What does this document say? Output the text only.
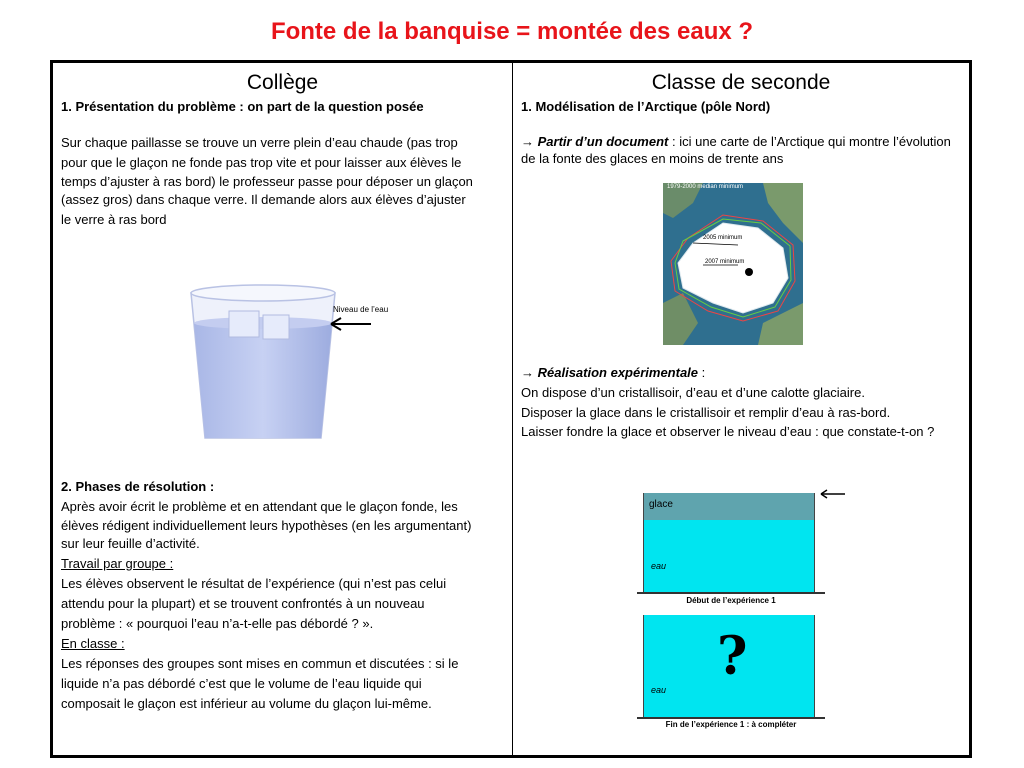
Fonte de la banquise = montée des eaux ?
Collège

1. Présentation du problème : on part de la question posée

Sur chaque paillasse se trouve un verre plein d’eau chaude (pas trop

pour que le glaçon ne fonde pas trop vite et pour laisser aux élèves le

temps d’ajuster à ras bord) le professeur passe pour déposer un glaçon

(assez gros) dans chaque verre. Il demande alors aux élèves d’ajuster

le verre à ras bord

Niveau de l’eau

2. Phases de résolution :

Après avoir écrit le problème et en attendant que le glaçon fonde, les

élèves rédigent individuellement leurs hypothèses (en les argumentant)

sur leur feuille d’activité.

Travail par groupe :

Les élèves observent le résultat de l’expérience (qui n’est pas celui

attendu pour la plupart) et se trouvent confrontés à un nouveau

problème : « pourquoi l’eau n’a-t-elle pas débordé ? ».

En classe :

Les réponses des groupes sont mises en commun et discutées : si le

liquide n’a pas débordé c’est que le volume de l’eau liquide qui

composait le glaçon est inférieur au volume du glaçon lui-même.

Classe de seconde

1. Modélisation de l’Arctique (pôle Nord)

→ Partir d’un document : ici une carte de l’Arctique qui montre l’évolution de la fonte des glaces en moins de trente ans

1979-2000 median minimum
2005 minimum
2007 minimum

→ Réalisation expérimentale :

On dispose d’un cristallisoir, d’eau et d’une calotte glaciaire.

Disposer la glace dans le cristallisoir et remplir d’eau à ras-bord.

Laisser fondre la glace et observer le niveau d’eau : que constate-t-on ?

glace
eau
Début de l’expérience 1
?
eau
Fin de l’expérience 1 : à compléter
